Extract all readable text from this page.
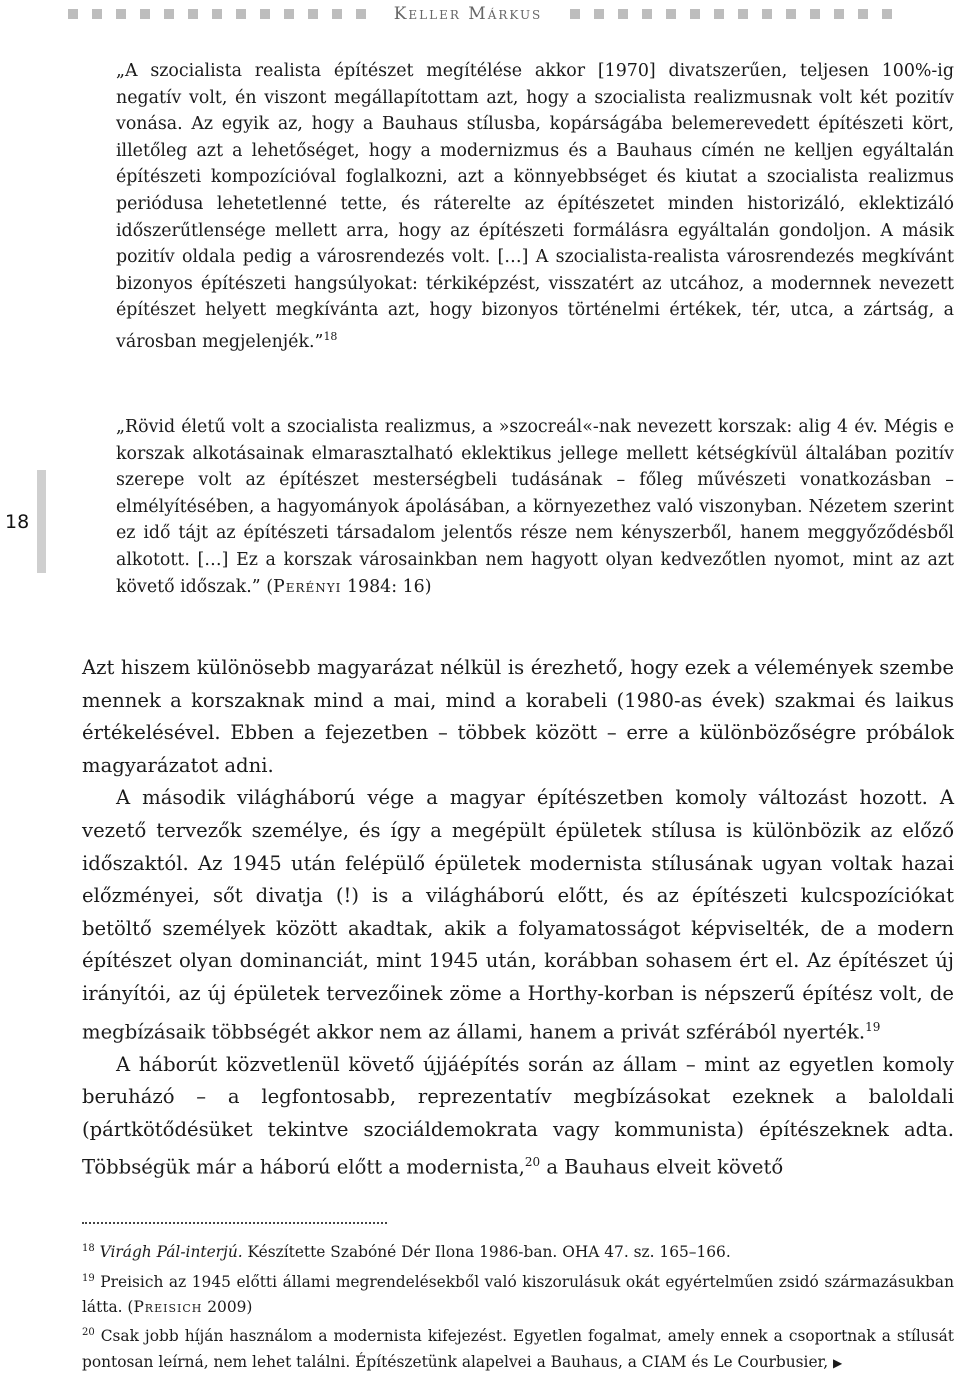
Keller Márkus
18
„A szocialista realista építészet megítélése akkor [1970] divatszerűen, teljesen 100%-ig negatív volt, én viszont megállapítottam azt, hogy a szocialista realizmusnak volt két pozitív vonása. Az egyik az, hogy a Bauhaus stílusba, kopárságába belemerevedett építészeti kört, illetőleg azt a lehetőséget, hogy a modernizmus és a Bauhaus címén ne kelljen egyáltalán építészeti kompozícióval foglalkozni, azt a könnyebbséget és kiutat a szocialista realizmus periódusa lehetetlenné tette, és ráterelte az építészetet minden historizáló, eklektizáló időszerűtlensége mellett arra, hogy az építészeti formálásra egyáltalán gondoljon. A másik pozitív oldala pedig a városrendezés volt. […] A szocialista-realista városrendezés megkívánt bizonyos építészeti hangsúlyokat: térkiképzést, visszatért az utcához, a modernnek nevezett építészet helyett megkívánta azt, hogy bizonyos történelmi értékek, tér, utca, a zártság, a városban megjelenjék.”$^{18}$
„Rövid életű volt a szocialista realizmus, a »szocreál«-nak nevezett korszak: alig 4 év. Mégis e korszak alkotásainak elmarasztalható eklektikus jellege mellett kétségkívül általában pozitív szerepe volt az építészet mesterségbeli tudásának – főleg művészeti vonatkozásban – elmélyítésében, a hagyományok ápolásában, a környezethez való viszonyban. Nézetem szerint ez idő tájt az építészeti társadalom jelentős része nem kényszerből, hanem meggyőződésből alkotott. […] Ez a korszak városainkban nem hagyott olyan kedvezőtlen nyomot, mint az azt követő időszak.” (Perényi 1984: 16)

Azt hiszem különösebb magyarázat nélkül is érezhető, hogy ezek a vélemények szembe mennek a korszaknak mind a mai, mind a korabeli (1980-as évek) szakmai és laikus értékelésével. Ebben a fejezetben – többek között – erre a különbözőségre próbálok magyarázatot adni.

A második világháború vége a magyar építészetben komoly változást hozott. A vezető tervezők személye, és így a megépült épületek stílusa is különbözik az előző időszaktól. Az 1945 után felépülő épületek modernista stílusának ugyan voltak hazai előzményei, sőt divatja (!) is a világháború előtt, és az építészeti kulcspozíciókat betöltő személyek között akadtak, akik a folyamatosságot képviselték, de a modern építészet olyan dominanciát, mint 1945 után, korábban sohasem ért el. Az építészet új irányítói, az új épületek tervezőinek zöme a Horthy-korban is népszerű építész volt, de megbízásaik többségét akkor nem az állami, hanem a privát szférából nyerték.$^{19}$

A háborút közvetlenül követő újjáépítés során az állam – mint az egyetlen komoly beruházó – a legfontosabb, reprezentatív megbízásokat ezeknek a baloldali (pártkötődésüket tekintve szociáldemokrata vagy kommunista) építészeknek adta. Többségük már a háború előtt a modernista,$^{20}$ a Bauhaus elveit követő

$^{18}$ Virágh Pál-interjú. Készítette Szabóné Dér Ilona 1986-ban. OHA 47. sz. 165–166.

$^{19}$ Preisich az 1945 előtti állami megrendelésekből való kiszorulásuk okát egyértelműen zsidó származásukban látta. (Preisich 2009)

$^{20}$ Csak jobb híján használom a modernista kifejezést. Egyetlen fogalmat, amely ennek a csoportnak a stílusát pontosan leírná, nem lehet találni. Építészetünk alapelvei a Bauhaus, a CIAM és Le Courbusier, ▶
